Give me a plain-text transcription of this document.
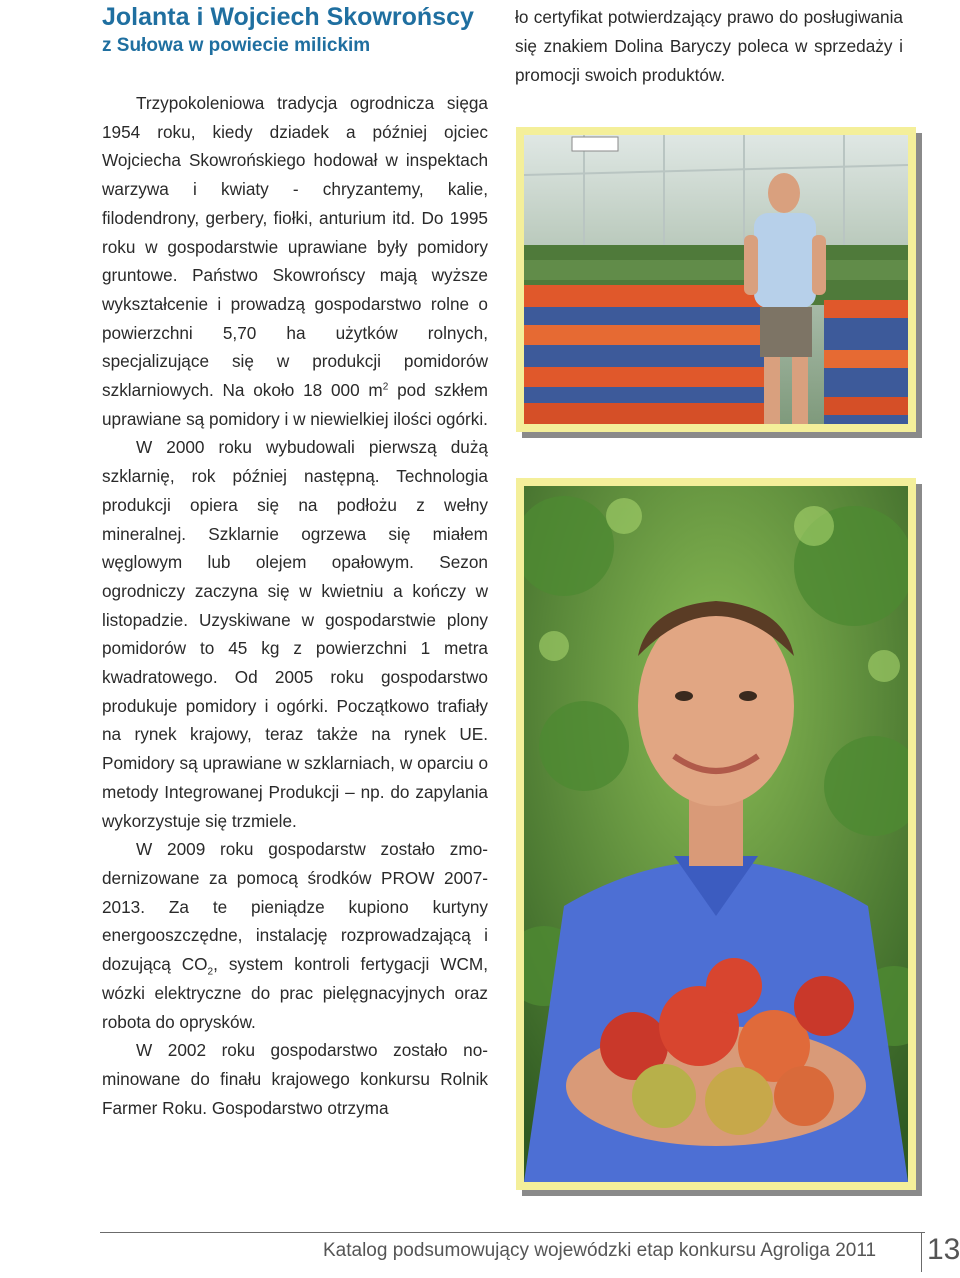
Jolanta i Wojciech Skowrońscy
z Sułowa w powiecie milickim

Trzypokoleniowa tradycja ogrodnicza sięga 1954 roku, kiedy dziadek a później ojciec Wojciecha Skowrońskiego hodował w inspektach warzywa i kwiaty - chryzantemy, kalie, filodendrony, gerbery, fiołki, anturium itd. Do 1995 roku w gospodarstwie uprawiane były pomidory gruntowe. Państwo Skowrońscy mają wyższe wykształcenie i prowadzą gospodarstwo rolne o powierzchni 5,70 ha użytków rolnych, specjalizujące się w produkcji pomidorów szklarniowych. Na około 18 000 $m^2$ pod szkłem uprawiane są pomidory i w niewielkiej ilości ogórki.

W 2000 roku wybudowali pierwszą dużą szklarnię, rok później następną. Technologia produkcji opiera się na podłożu z wełny mineralnej. Szklarnie ogrzewa się miałem węglowym lub olejem opałowym. Sezon ogrodniczy zaczyna się w kwietniu a kończy w listopadzie. Uzyskiwane w gospodarstwie plony pomidorów to 45 kg z powierzchni 1 metra kwadratowego. Od 2005 roku gospodarstwo produkuje pomidory i ogórki. Początkowo trafiały na rynek krajowy, teraz także na rynek UE. Pomidory są uprawiane w szklarniach, w oparciu o metody Integrowanej Produkcji – np. do zapylania wykorzystuje się trzmiele.

W 2009 roku gospodarstw zostało zmodernizowane za pomocą środków PROW 2007-2013. Za te pieniądze kupiono kurtyny energooszczędne, instalację rozprowadzającą i dozującą $CO_2$, system kontroli fertygacji WCM, wózki elektryczne do prac pielęgnacyjnych oraz robota do oprysków.

W 2002 roku gospodarstwo zostało nominowane do finału krajowego konkursu Rolnik Farmer Roku. Gospodarstwo otrzyma

ło certyfikat potwierdzający prawo do posługiwania się znakiem Dolina Baryczy poleca w sprzedaży i promocji swoich produktów.

Katalog podsumowujący wojewódzki etap konkursu Agroliga 2011 13
